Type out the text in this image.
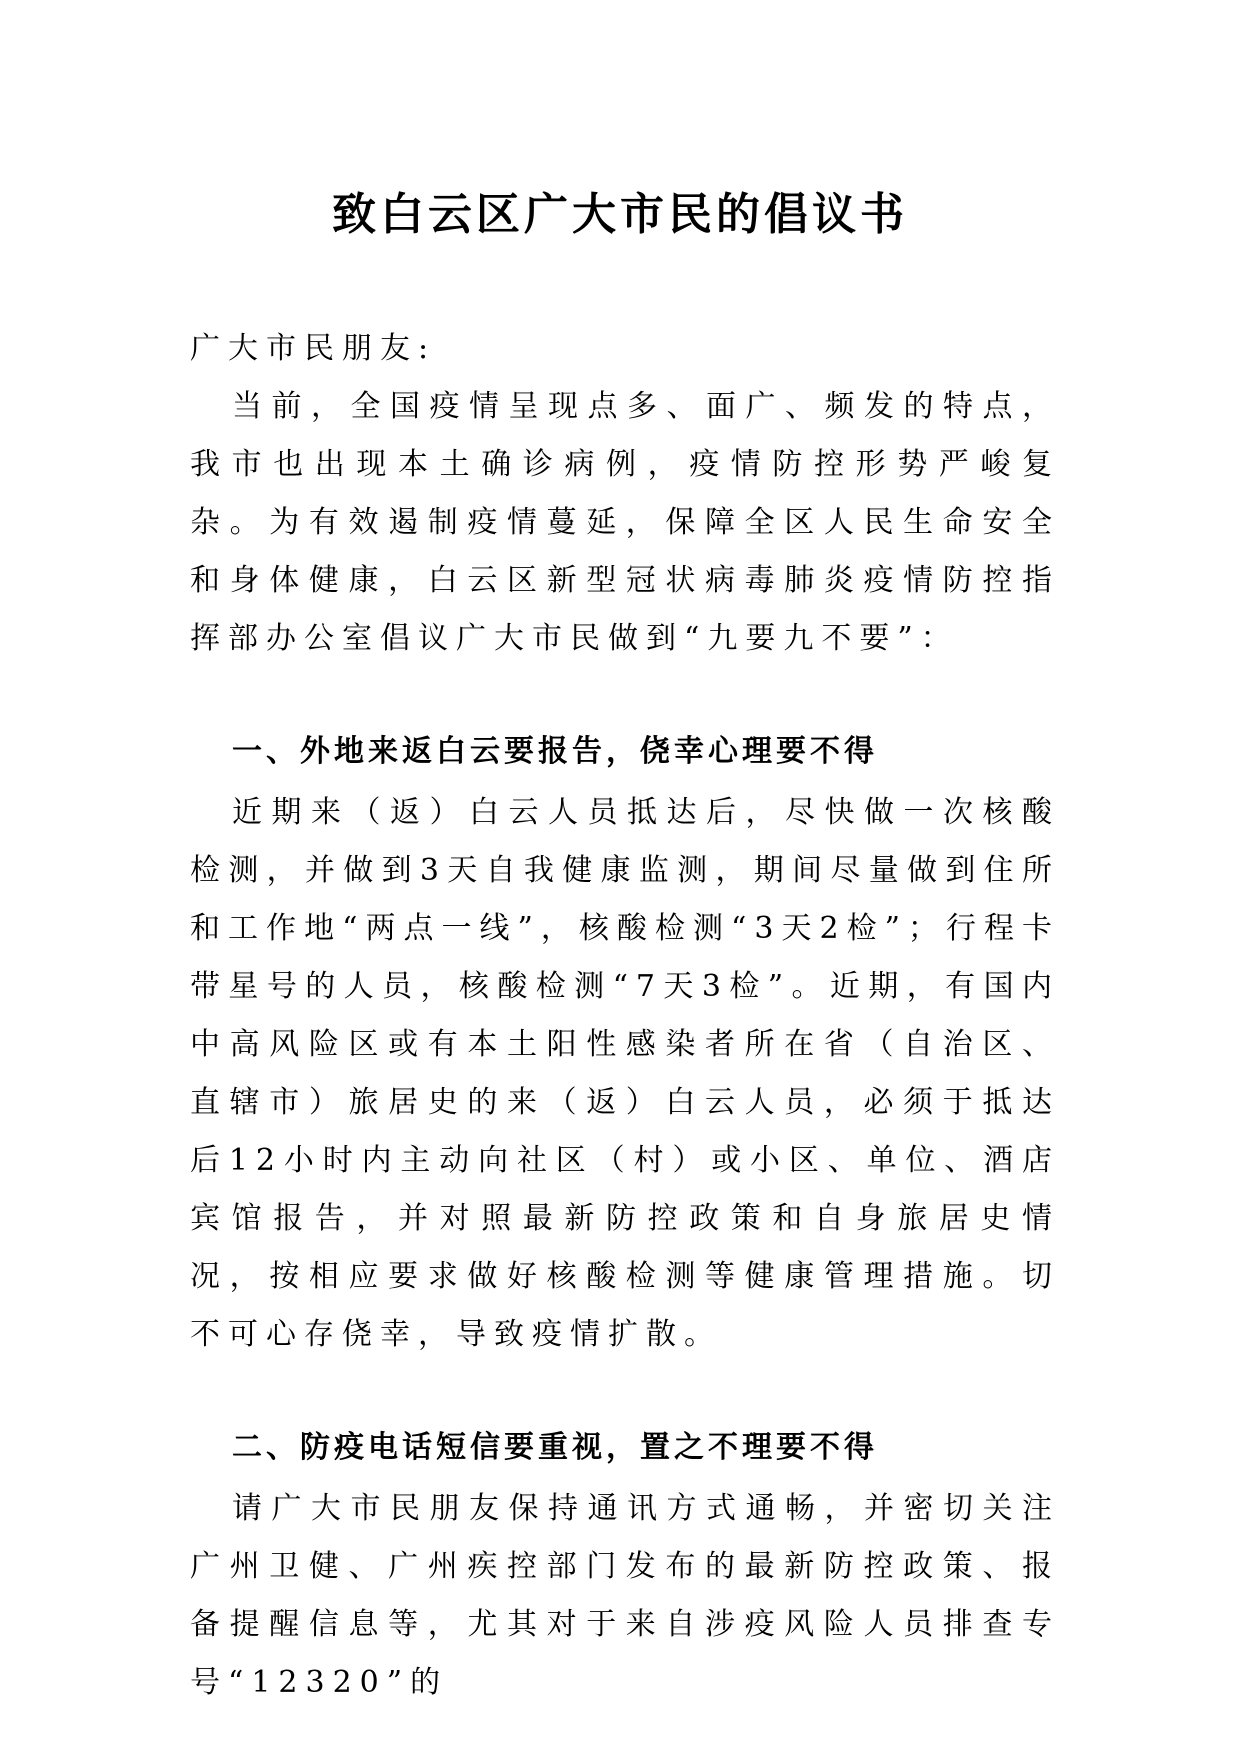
致白云区广大市民的倡议书

广大市民朋友:

当前，全国疫情呈现点多、面广、频发的特点，我市也出现本土确诊病例，疫情防控形势严峻复杂。为有效遏制疫情蔓延，保障全区人民生命安全和身体健康，白云区新型冠状病毒肺炎疫情防控指挥部办公室倡议广大市民做到“九要九不要”：

一、外地来返白云要报告，侥幸心理要不得

近期来（返）白云人员抵达后，尽快做一次核酸检测，并做到3天自我健康监测，期间尽量做到住所和工作地“两点一线”，核酸检测“3天2检”；行程卡带星号的人员，核酸检测“7天3检”。近期，有国内中高风险区或有本土阳性感染者所在省（自治区、直辖市）旅居史的来（返）白云人员，必须于抵达后12小时内主动向社区（村）或小区、单位、酒店宾馆报告，并对照最新防控政策和自身旅居史情况，按相应要求做好核酸检测等健康管理措施。切不可心存侥幸，导致疫情扩散。

二、防疫电话短信要重视，置之不理要不得

请广大市民朋友保持通讯方式通畅，并密切关注广州卫健、广州疾控部门发布的最新防控政策、报备提醒信息等，尤其对于来自涉疫风险人员排查专号“12320”的
